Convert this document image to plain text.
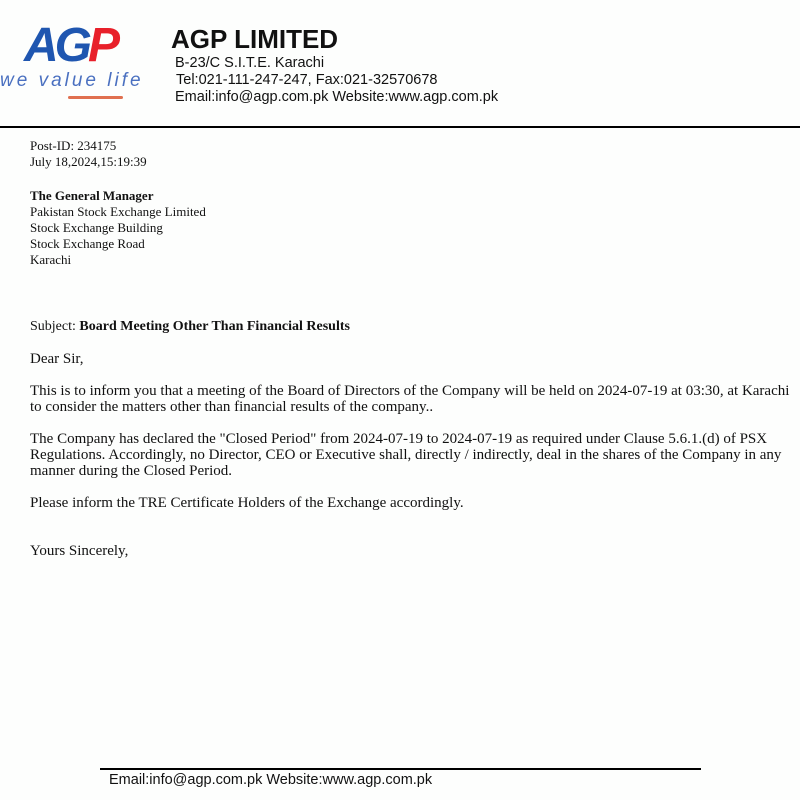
AGP
we value life
AGP LIMITED
B-23/C S.I.T.E. Karachi
Tel:021-111-247-247, Fax:021-32570678
Email:info@agp.com.pk Website:www.agp.com.pk
Post-ID: 234175
July 18,2024,15:19:39
The General Manager
Pakistan Stock Exchange Limited
Stock Exchange Building
Stock Exchange Road
Karachi
Subject: Board Meeting Other Than Financial Results
Dear Sir,
This is to inform you that a meeting of the Board of Directors of the Company will be held on 2024-07-19 at 03:30, at Karachi to consider the matters other than financial results of the company..
The Company has declared the "Closed Period" from 2024-07-19 to 2024-07-19 as required under Clause 5.6.1.(d) of PSX Regulations. Accordingly, no Director, CEO or Executive shall, directly / indirectly, deal in the shares of the Company in any manner during the Closed Period.
Please inform the TRE Certificate Holders of the Exchange accordingly.
Yours Sincerely,
Email:info@agp.com.pk Website:www.agp.com.pk
